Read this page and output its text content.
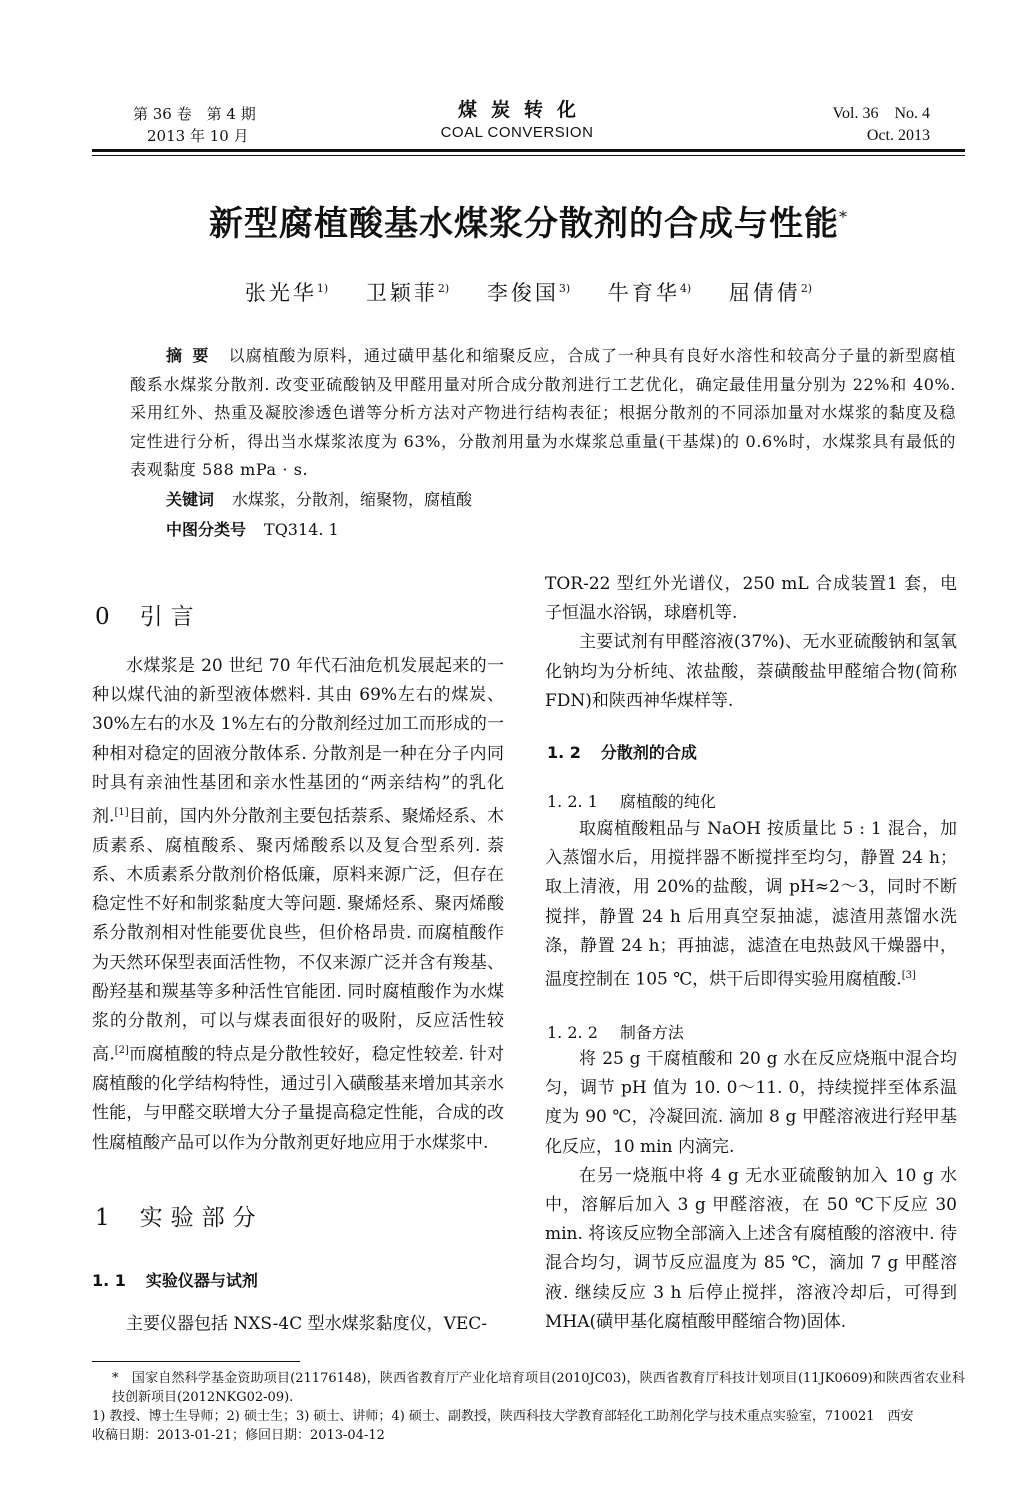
第 36 卷　第 4 期
2013 年 10 月
煤炭转化
COAL CONVERSION
Vol. 36　No. 4
Oct. 2013
新型腐植酸基水煤浆分散剂的合成与性能*
张光华$^{1)}$ 卫颖菲$^{2)}$ 李俊国$^{3)}$ 牛育华$^{4)}$ 屈倩倩$^{2)}$
摘要 以腐植酸为原料，通过磺甲基化和缩聚反应，合成了一种具有良好水溶性和较高分子量的新型腐植酸系水煤浆分散剂. 改变亚硫酸钠及甲醛用量对所合成分散剂进行工艺优化，确定最佳用量分别为 22%和 40%. 采用红外、热重及凝胶渗透色谱等分析方法对产物进行结构表征；根据分散剂的不同添加量对水煤浆的黏度及稳定性进行分析，得出当水煤浆浓度为 63%，分散剂用量为水煤浆总重量(干基煤)的 0.6%时，水煤浆具有最低的表观黏度 588 mPa · s.
关键词 水煤浆，分散剂，缩聚物，腐植酸
中图分类号 TQ314. 1
0 引言

水煤浆是 20 世纪 70 年代石油危机发展起来的一种以煤代油的新型液体燃料. 其由 69%左右的煤炭、30%左右的水及 1%左右的分散剂经过加工而形成的一种相对稳定的固液分散体系. 分散剂是一种在分子内同时具有亲油性基团和亲水性基团的“两亲结构”的乳化剂.[1]目前，国内外分散剂主要包括萘系、聚烯烃系、木质素系、腐植酸系、聚丙烯酸系以及复合型系列. 萘系、木质素系分散剂价格低廉，原料来源广泛，但存在稳定性不好和制浆黏度大等问题. 聚烯烃系、聚丙烯酸系分散剂相对性能要优良些，但价格昂贵. 而腐植酸作为天然环保型表面活性物，不仅来源广泛并含有羧基、酚羟基和羰基等多种活性官能团. 同时腐植酸作为水煤浆的分散剂，可以与煤表面很好的吸附，反应活性较高.[2]而腐植酸的特点是分散性较好，稳定性较差. 针对腐植酸的化学结构特性，通过引入磺酸基来增加其亲水性能，与甲醛交联增大分子量提高稳定性能，合成的改性腐植酸产品可以作为分散剂更好地应用于水煤浆中.

1 实验部分
1. 1 实验仪器与试剂

主要仪器包括 NXS-4C 型水煤浆黏度仪，VEC-

TOR-22 型红外光谱仪，250 mL 合成装置1 套，电子恒温水浴锅，球磨机等.

主要试剂有甲醛溶液(37%)、无水亚硫酸钠和氢氧化钠均为分析纯、浓盐酸，萘磺酸盐甲醛缩合物(简称 FDN)和陕西神华煤样等.

1. 2 分散剂的合成
1. 2. 1 腐植酸的纯化

取腐植酸粗品与 NaOH 按质量比 5 : 1 混合，加入蒸馏水后，用搅拌器不断搅拌至均匀，静置 24 h；取上清液，用 20%的盐酸，调 pH≈2～3，同时不断搅拌，静置 24 h 后用真空泵抽滤，滤渣用蒸馏水洗涤，静置 24 h；再抽滤，滤渣在电热鼓风干燥器中，温度控制在 105 ℃，烘干后即得实验用腐植酸.[3]

1. 2. 2 制备方法

将 25 g 干腐植酸和 20 g 水在反应烧瓶中混合均匀，调节 pH 值为 10. 0～11. 0，持续搅拌至体系温度为 90 ℃，冷凝回流. 滴加 8 g 甲醛溶液进行羟甲基化反应，10 min 内滴完.

在另一烧瓶中将 4 g 无水亚硫酸钠加入 10 g 水中，溶解后加入 3 g 甲醛溶液，在 50 ℃下反应 30 min. 将该反应物全部滴入上述含有腐植酸的溶液中. 待混合均匀，调节反应温度为 85 ℃，滴加 7 g 甲醛溶液. 继续反应 3 h 后停止搅拌，溶液冷却后，可得到 MHA(磺甲基化腐植酸甲醛缩合物)固体.

*　 国家自然科学基金资助项目(21176148)，陕西省教育厅产业化培育项目(2010JC03)，陕西省教育厅科技计划项目(11JK0609)和陕西省农业科技创新项目(2012NKG02-09).

1) 教授、博士生导师；2) 硕士生；3) 硕士、讲师；4) 硕士、副教授，陕西科技大学教育部轻化工助剂化学与技术重点实验室，710021　西安

收稿日期：2013-01-21；修回日期：2013-04-12
